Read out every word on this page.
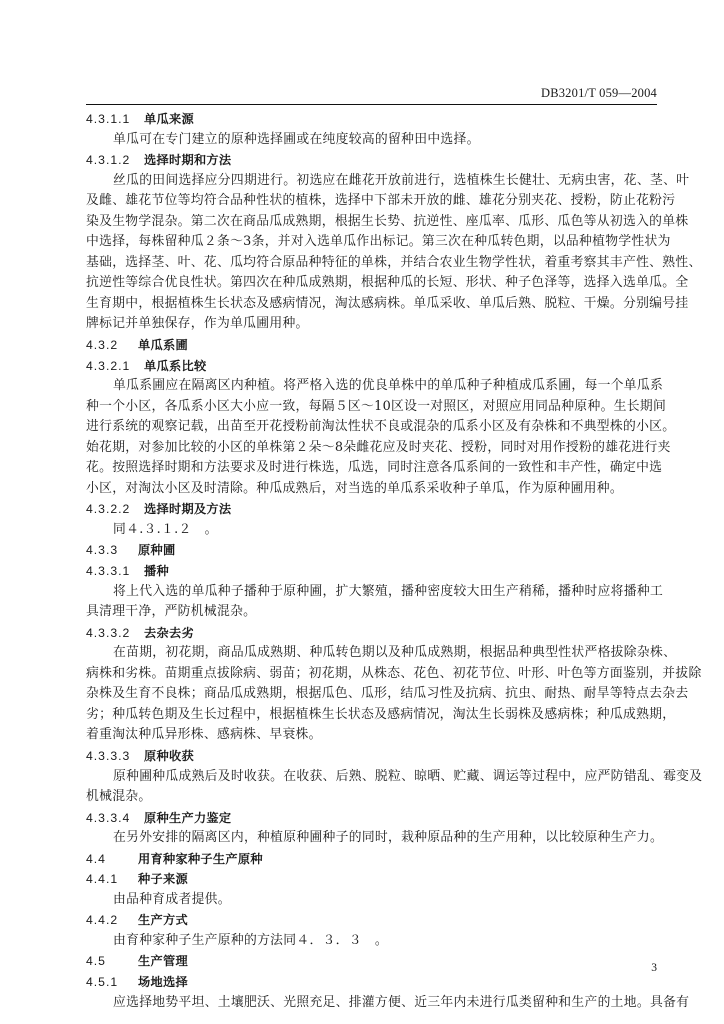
DB3201/T 059—2004
4.3.1.1 单瓜来源
单瓜可在专门建立的原种选择圃或在纯度较高的留种田中选择。
4.3.1.2 选择时期和方法
丝瓜的田间选择应分四期进行。初选应在雌花开放前进行，选植株生长健壮、无病虫害，花、茎、叶
及雌、雄花节位等均符合品种性状的植株，选择中下部未开放的雌、雄花分别夹花、授粉，防止花粉污
染及生物学混杂。第二次在商品瓜成熟期，根据生长势、抗逆性、座瓜率、瓜形、瓜色等从初选入的单株
中选择，每株留种瓜２条～3条，并对入选单瓜作出标记。第三次在种瓜转色期，以品种植物学性状为
基础，选择茎、叶、花、瓜均符合原品种特征的单株，并结合农业生物学性状，着重考察其丰产性、熟性、
抗逆性等综合优良性状。第四次在种瓜成熟期，根据种瓜的长短、形状、种子色泽等，选择入选单瓜。全
生育期中，根据植株生长状态及感病情况，淘汰感病株。单瓜采收、单瓜后熟、脱粒、干燥。分别编号挂
牌标记并单独保存，作为单瓜圃用种。
4.3.2 单瓜系圃
4.3.2.1 单瓜系比较
单瓜系圃应在隔离区内种植。将严格入选的优良单株中的单瓜种子种植成瓜系圃，每一个单瓜系
种一个小区，各瓜系小区大小应一致，每隔５区～10区设一对照区，对照应用同品种原种。生长期间
进行系统的观察记载，出苗至开花授粉前淘汰性状不良或混杂的瓜系小区及有杂株和不典型株的小区。
始花期，对参加比较的小区的单株第２朵～8朵雌花应及时夹花、授粉，同时对用作授粉的雄花进行夹
花。按照选择时期和方法要求及时进行株选，瓜选，同时注意各瓜系间的一致性和丰产性，确定中选
小区，对淘汰小区及时清除。种瓜成熟后，对当选的单瓜系采收种子单瓜，作为原种圃用种。
4.3.2.2 选择时期及方法
同４.３.１.２　。
4.3.3 原种圃
4.3.3.1 播种
将上代入选的单瓜种子播种于原种圃，扩大繁殖，播种密度较大田生产稍稀，播种时应将播种工
具清理干净，严防机械混杂。
4.3.3.2 去杂去劣
在苗期，初花期，商品瓜成熟期、种瓜转色期以及种瓜成熟期，根据品种典型性状严格拔除杂株、
病株和劣株。苗期重点拔除病、弱苗；初花期，从株态、花色、初花节位、叶形、叶色等方面鉴别，并拔除
杂株及生育不良株；商品瓜成熟期，根据瓜色、瓜形，结瓜习性及抗病、抗虫、耐热、耐旱等特点去杂去
劣；种瓜转色期及生长过程中，根据植株生长状态及感病情况，淘汰生长弱株及感病株；种瓜成熟期，
着重淘汰种瓜异形株、感病株、早衰株。
4.3.3.3 原种收获
原种圃种瓜成熟后及时收获。在收获、后熟、脱粒、晾晒、贮藏、调运等过程中，应严防错乱、霉变及
机械混杂。
4.3.3.4 原种生产力鉴定
在另外安排的隔离区内，种植原种圃种子的同时，栽种原品种的生产用种，以比较原种生产力。
4.4	用育种家种子生产原种
4.4.1 种子来源
由品种育成者提供。
4.4.2 生产方式
由育种家种子生产原种的方法同４．３．３　。
4.5	生产管理
4.5.1 场地选择
应选择地势平坦、土壤肥沃、光照充足、排灌方便、近三年内未进行瓜类留种和生产的土地。具备有
3
